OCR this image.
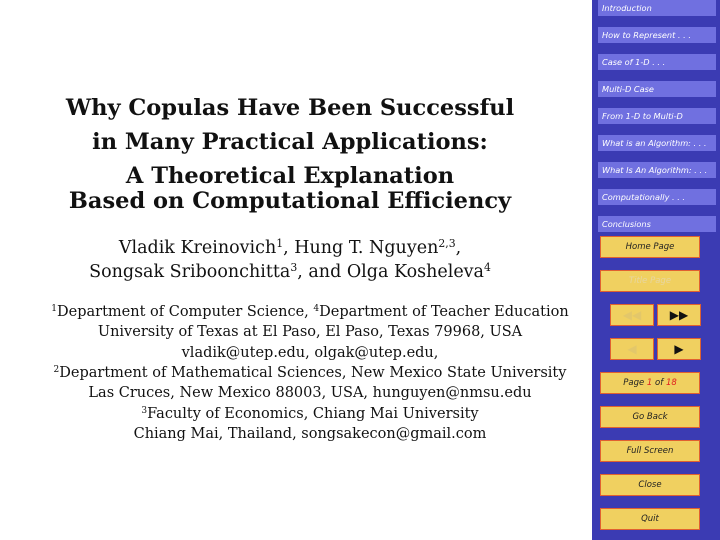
Why Copulas Have Been Successful
in Many Practical Applications:
A Theoretical Explanation
Based on Computational Efficiency
Vladik Kreinovich$^1$, Hung T. Nguyen$^{2,3}$,
Songsak Sriboonchitta$^3$, and Olga Kosheleva$^4$
$^1$Department of Computer Science, $^4$Department of Teacher Education
University of Texas at El Paso, El Paso, Texas 79968, USA
vladik@utep.edu, olgak@utep.edu,
$^2$Department of Mathematical Sciences, New Mexico State University
Las Cruces, New Mexico 88003, USA, hunguyen@nmsu.edu
$^3$Faculty of Economics, Chiang Mai University
Chiang Mai, Thailand, songsakecon@gmail.com
Introduction
How to Represent . . .
Case of 1-D . . .
Multi-D Case
From 1-D to Multi-D
What is an Algorithm: . . .
What Is An Algorithm: . . .
Computationally . . .
Conclusions
Home Page
Title Page
◀◀	▶▶
◀	▶
Page 1 of 18
Go Back
Full Screen
Close
Quit
